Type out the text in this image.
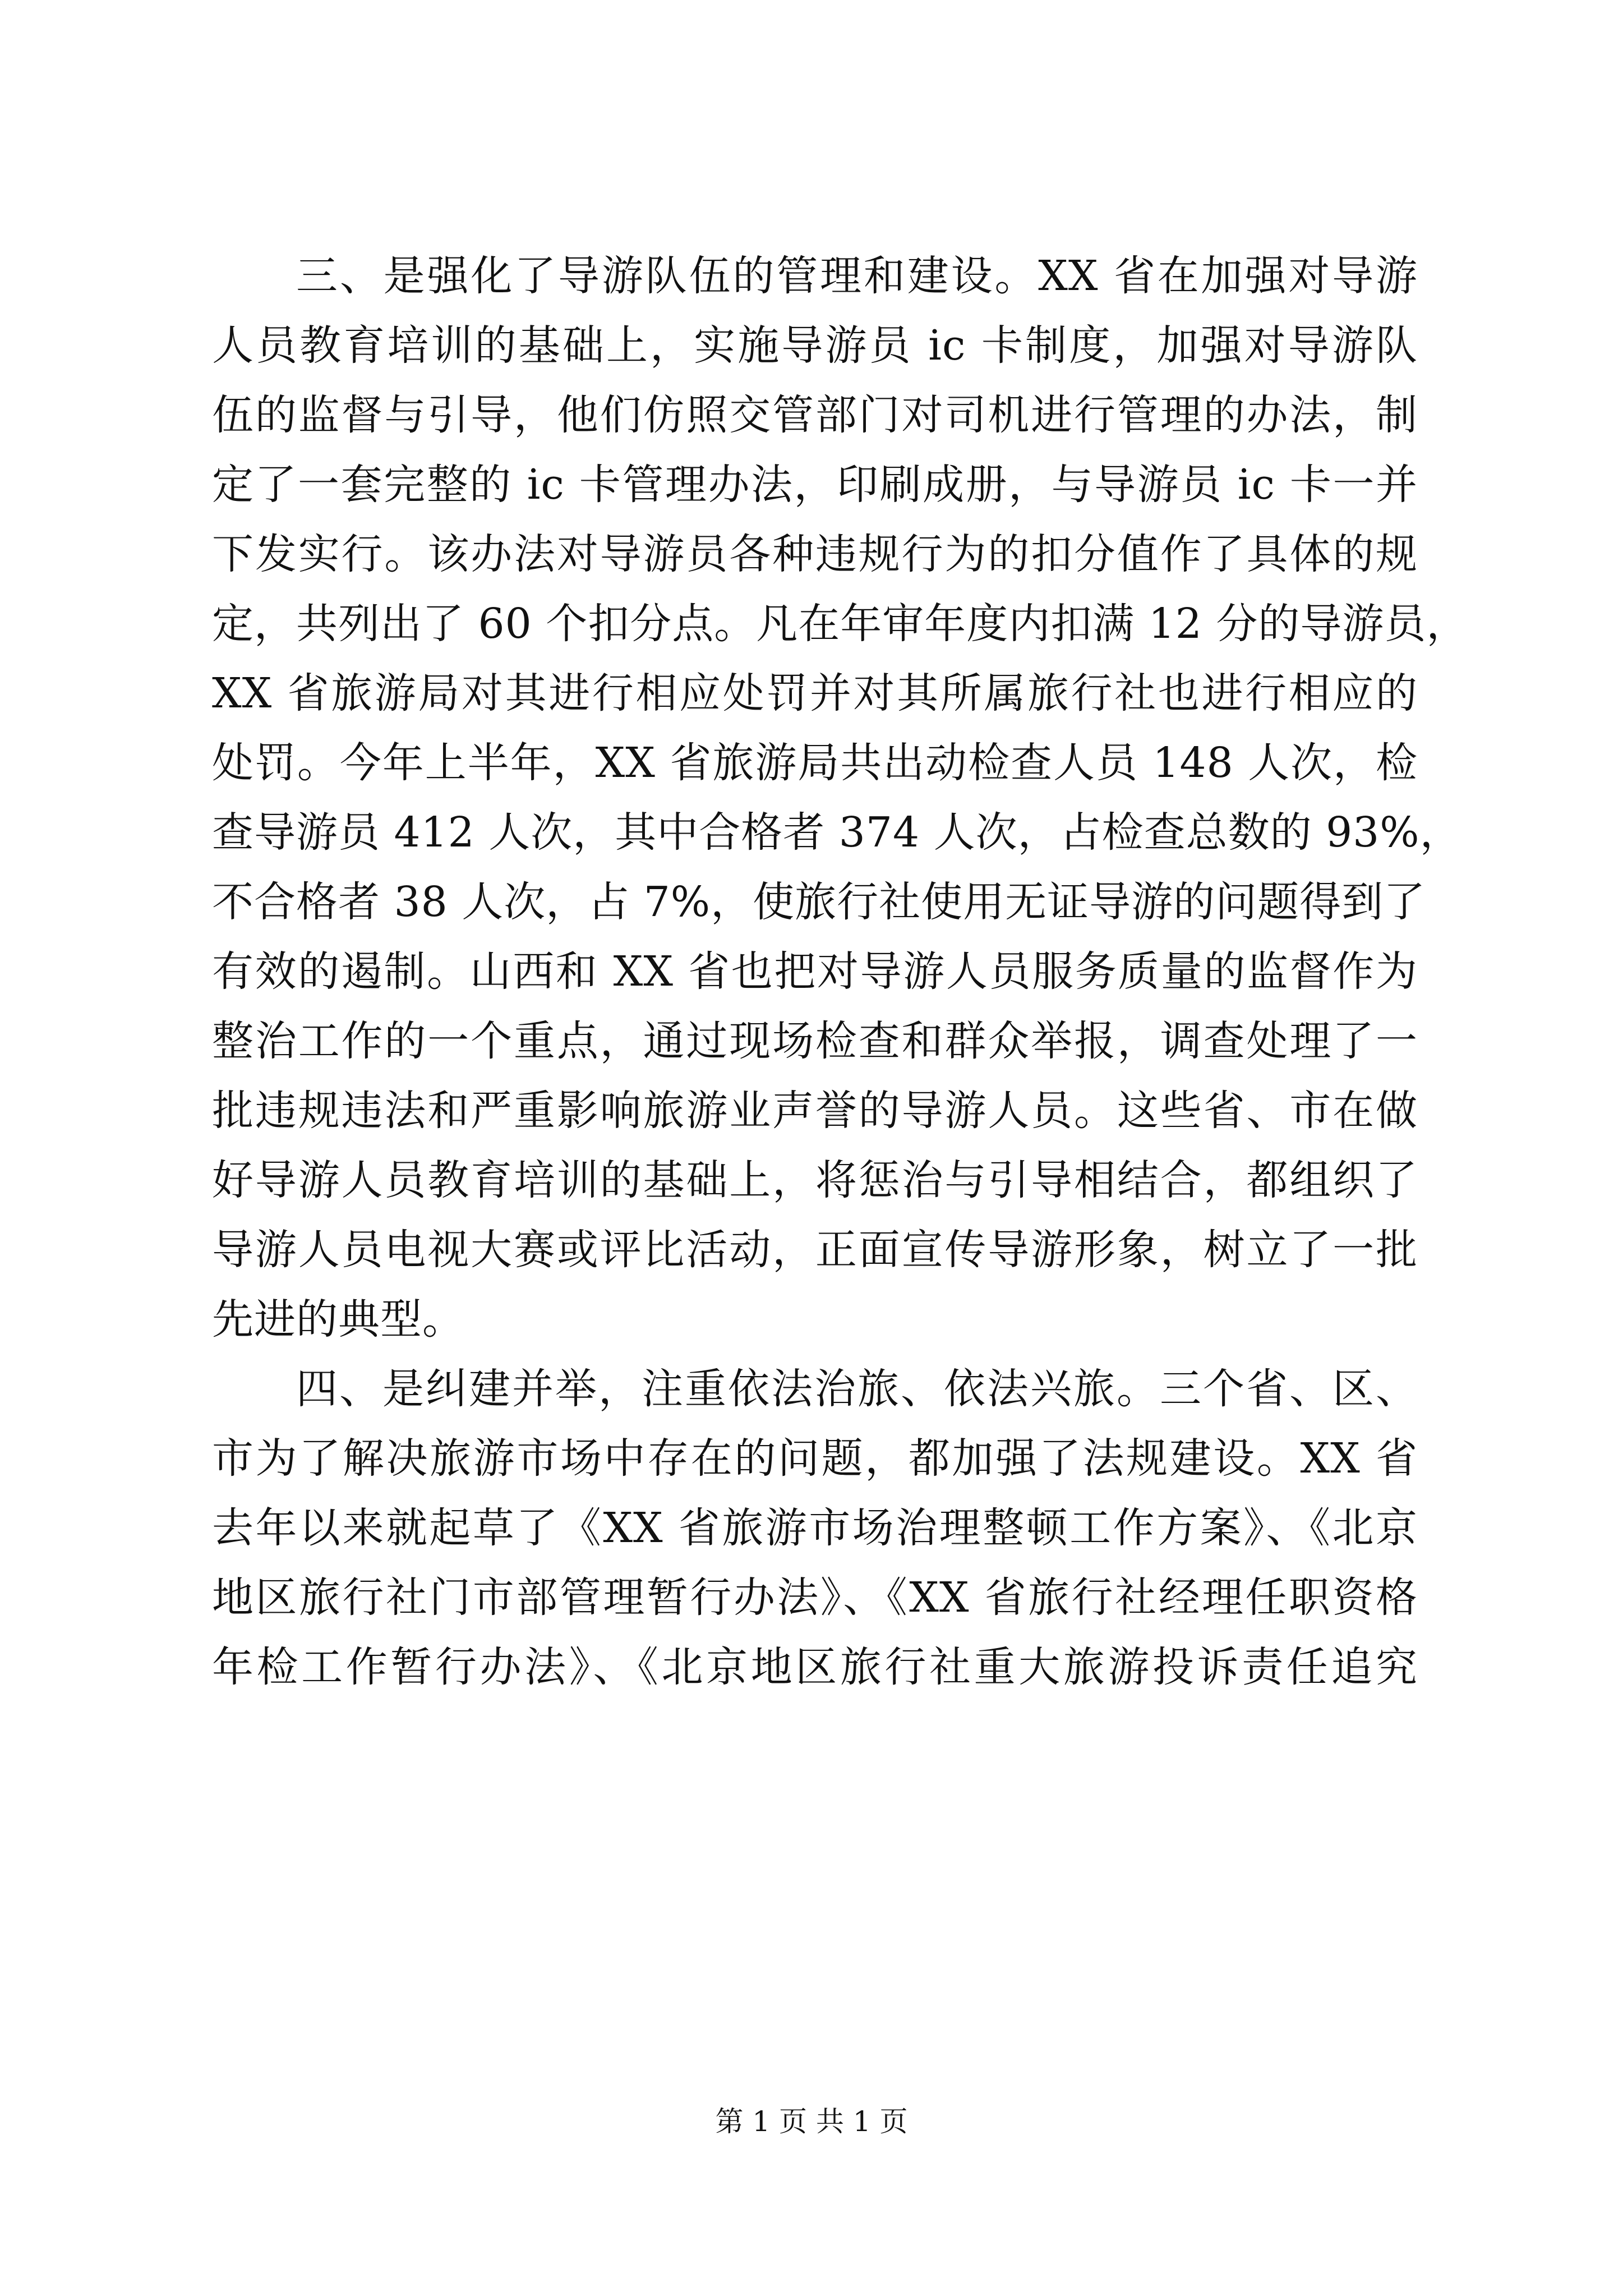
三、是强化了导游队伍的管理和建设。XX 省在加强对导游
人员教育培训的基础上，实施导游员 ic 卡制度，加强对导游队
伍的监督与引导，他们仿照交管部门对司机进行管理的办法，制
定了一套完整的 ic 卡管理办法，印刷成册，与导游员 ic 卡一并
下发实行。该办法对导游员各种违规行为的扣分值作了具体的规
定，共列出了 60 个扣分点。凡在年审年度内扣满 12 分的导游员，
XX 省旅游局对其进行相应处罚并对其所属旅行社也进行相应的
处罚。今年上半年，XX 省旅游局共出动检查人员 148 人次，检
查导游员 412 人次，其中合格者 374 人次，占检查总数的 93%，
不合格者 38 人次，占 7%，使旅行社使用无证导游的问题得到了
有效的遏制。山西和 XX 省也把对导游人员服务质量的监督作为
整治工作的一个重点，通过现场检查和群众举报，调查处理了一
批违规违法和严重影响旅游业声誉的导游人员。这些省、市在做
好导游人员教育培训的基础上，将惩治与引导相结合，都组织了
导游人员电视大赛或评比活动，正面宣传导游形象，树立了一批
先进的典型。
四、是纠建并举，注重依法治旅、依法兴旅。三个省、区、
市为了解决旅游市场中存在的问题，都加强了法规建设。XX 省
去年以来就起草了《XX 省旅游市场治理整顿工作方案》、《北京
地区旅行社门市部管理暂行办法》、《XX 省旅行社经理任职资格
年检工作暂行办法》、《北京地区旅行社重大旅游投诉责任追究
第 1 页 共 1 页
